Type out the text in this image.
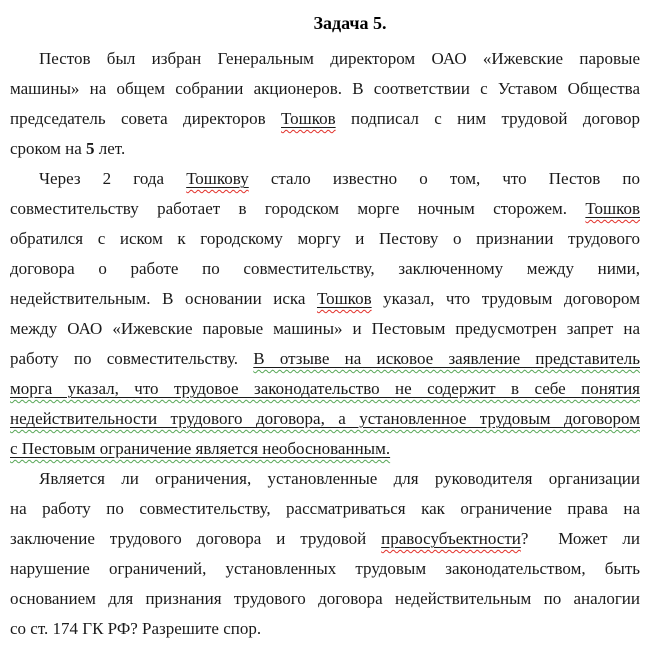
Задача 5.
Пестов был избран Генеральным директором ОАО «Ижевские паровые
машины» на общем собрании акционеров. В соответствии с Уставом Общества
председатель совета директоров Тошков подписал с ним трудовой договор
сроком на 5 лет.
Через 2 года Тошкову стало известно о том, что Пестов по
совместительству работает в городском морге ночным сторожем. Тошков
обратился с иском к городскому моргу и Пестову о признании трудового
договора о работе по совместительству, заключенному между ними,
недействительным. В основании иска Тошков указал, что трудовым договором
между ОАО «Ижевские паровые машины» и Пестовым предусмотрен запрет на
работу по совместительству. В отзыве на исковое заявление представитель
морга указал, что трудовое законодательство не содержит в себе понятия
недействительности трудового договора, а установленное трудовым договором
с Пестовым ограничение является необоснованным.
Является ли ограничения, установленные для руководителя организации
на работу по совместительству, рассматриваться как ограничение права на
заключение трудового договора и трудовой правосубъектности?  Может ли
нарушение ограничений, установленных трудовым законодательством, быть
основанием для признания трудового договора недействительным по аналогии
со ст. 174 ГК РФ? Разрешите спор.
